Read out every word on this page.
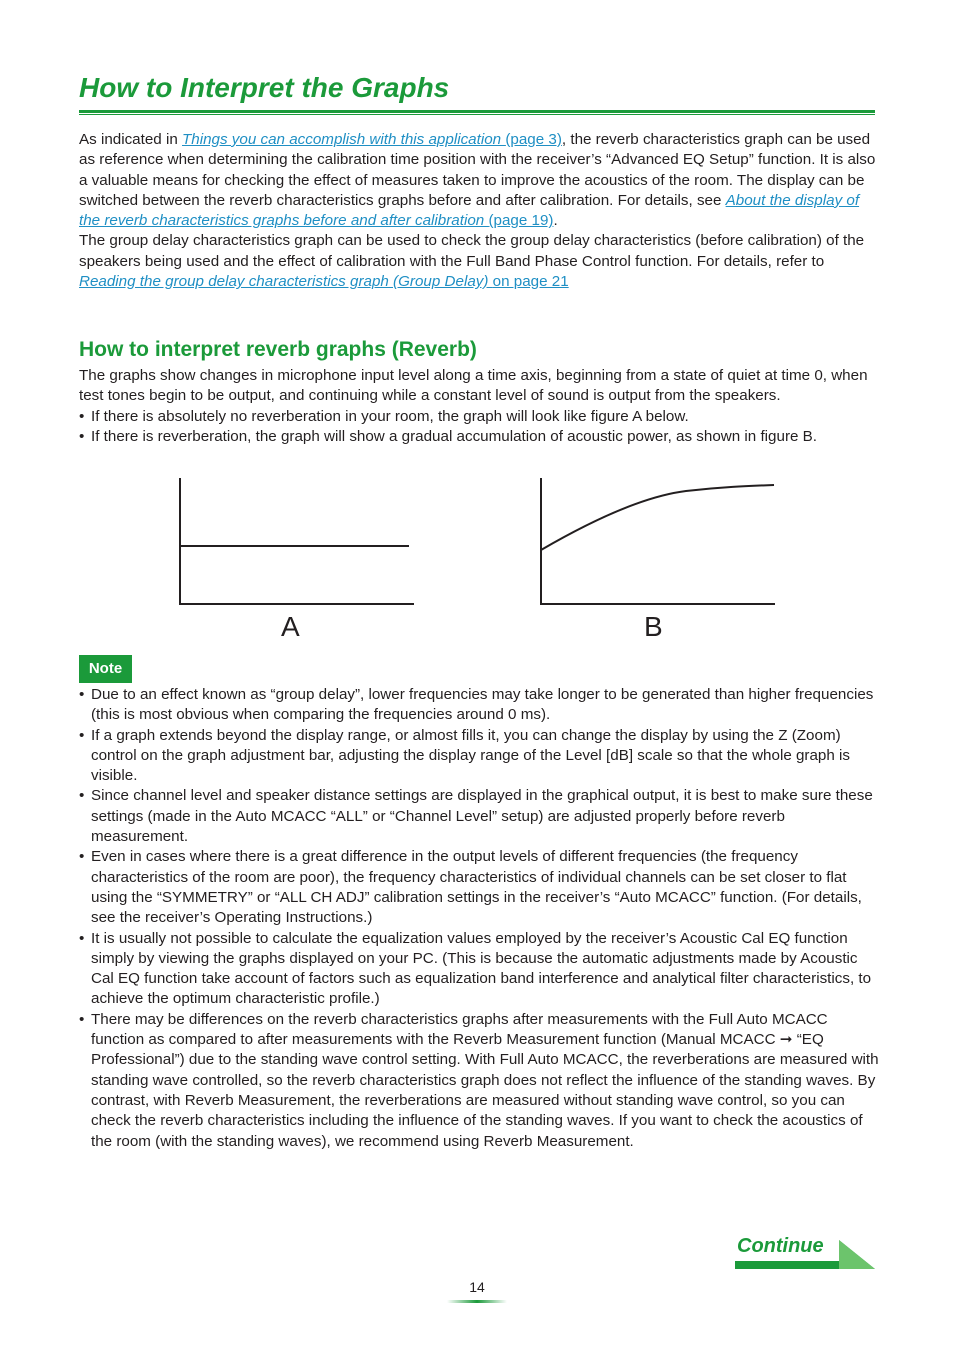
How to Interpret the Graphs

As indicated in Things you can accomplish with this application (page 3), the reverb characteristics graph can be used as reference when determining the calibration time position with the receiver’s “Advanced EQ Setup” function. It is also a valuable means for checking the effect of measures taken to improve the acoustics of the room. The display can be switched between the reverb characteristics graphs before and after calibration. For details, see About the display of the reverb characteristics graphs before and after calibration (page 19).

The group delay characteristics graph can be used to check the group delay characteristics (before calibration) of the speakers being used and the effect of calibration with the Full Band Phase Control function. For details, refer to Reading the group delay characteristics graph (Group Delay) on page 21

How to interpret reverb graphs (Reverb)

The graphs show changes in microphone input level along a time axis, beginning from a state of quiet at time 0, when test tones begin to be output, and continuing while a constant level of sound is output from the speakers.

• If there is absolutely no reverberation in your room, the graph will look like figure A below.

• If there is reverberation, the graph will show a gradual accumulation of acoustic power, as shown in figure B.

A	B
Note
• Due to an effect known as “group delay”, lower frequencies may take longer to be generated than higher frequencies (this is most obvious when comparing the frequencies around 0 ms).
• If a graph extends beyond the display range, or almost fills it, you can change the display by using the Z (Zoom) control on the graph adjustment bar, adjusting the display range of the Level [dB] scale so that the whole graph is visible.
• Since channel level and speaker distance settings are displayed in the graphical output, it is best to make sure these settings (made in the Auto MCACC “ALL” or “Channel Level” setup) are adjusted properly before reverb measurement.
• Even in cases where there is a great difference in the output levels of different frequencies (the frequency characteristics of the room are poor), the frequency characteristics of individual channels can be set closer to flat using the “SYMMETRY” or “ALL CH ADJ” calibration settings in the receiver’s “Auto MCACC” function. (For details, see the receiver’s Operating Instructions.)
• It is usually not possible to calculate the equalization values employed by the receiver’s Acoustic Cal EQ function simply by viewing the graphs displayed on your PC. (This is because the automatic adjustments made by Acoustic Cal EQ function take account of factors such as equalization band interference and analytical filter characteristics, to achieve the optimum characteristic profile.)
• There may be differences on the reverb characteristics graphs after measurements with the Full Auto MCACC function as compared to after measurements with the Reverb Measurement function (Manual MCACC ➞ “EQ Professional”) due to the standing wave control setting. With Full Auto MCACC, the reverberations are measured with standing wave controlled, so the reverb characteristics graph does not reflect the influence of the standing waves. By contrast, with Reverb Measurement, the reverberations are measured without standing wave control, so you can check the reverb characteristics including the influence of the standing waves. If you want to check the acoustics of the room (with the standing waves), we recommend using Reverb Measurement.
Continue
14
